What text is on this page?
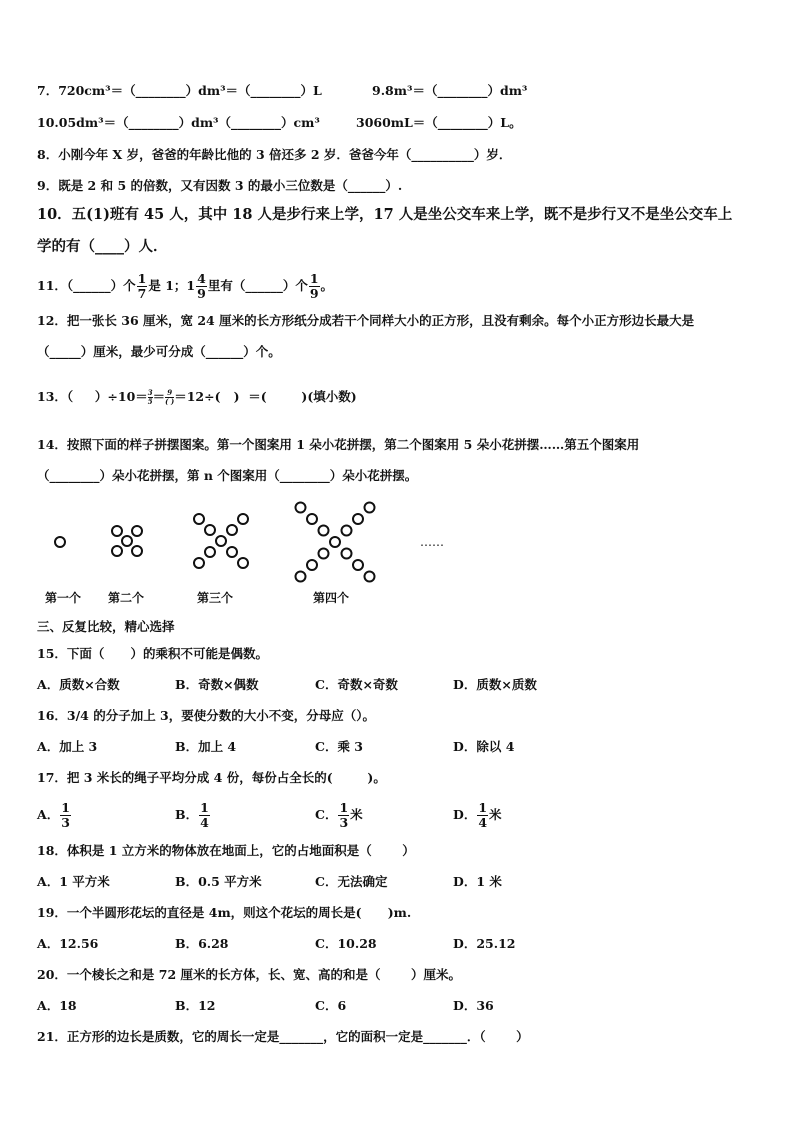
7．720cm³＝（________）dm³＝（________）L	9.8m³＝（________）dm³
10.05dm³＝（________）dm³（________）cm³	3060mL＝（________）L。
8．小刚今年 X 岁，爸爸的年龄比他的 3 倍还多 2 岁．爸爸今年（__________）岁．
9．既是 2 和 5 的倍数，又有因数 3 的最小三位数是（______）.
10．五(1)班有 45 人，其中 18 人是步行来上学，17 人是坐公交车来上学，既不是步行又不是坐公交车上
学的有（____）人．
11．（______）个 $\frac{1}{7}$ 是 1；$1 \frac{4}{9}$ 里有（______）个 $\frac{1}{9}$ 。
12．把一张长 36 厘米，宽 24 厘米的长方形纸分成若干个同样大小的正方形，且没有剩余。每个小正方形边长最大是
（_____）厘米，最少可分成（______）个。
13．（     ）$\div 10= \frac{3}{5}= 9$
( )＝12÷(   )  ＝(        )(填小数)
14．按照下面的样子拼摆图案。第一个图案用 1 朵小花拼摆，第二个图案用 5 朵小花拼摆……第五个图案用
（________）朵小花拼摆，第 n 个图案用（________）朵小花拼摆。
……
第一个 第二个	第三个	第四个
三、反复比较，精心选择
15．下面（      ）的乘积不可能是偶数。
A．质数×合数	B．奇数×偶数	C．奇数×奇数	D．质数×质数
16．3/4 的分子加上 3，要使分数的大小不变，分母应（）。
A．加上 3	B．加上 4	C．乘 3	D．除以 4
17．把 3 米长的绳子平均分成 4 份，每份占全长的(        )。
A． $\frac{1}{3}$	B． $\frac{1}{4}$	C． $\frac{1}{3}$ 米	D． $\frac{1}{4}$ 米
18．体积是 1 立方米的物体放在地面上，它的占地面积是（       ）
A．1 平方米	B．0.5 平方米	C．无法确定	D．1 米
19．一个半圆形花坛的直径是 4m，则这个花坛的周长是(      )m.
A．12.56	B．6.28	C．10.28	D．25.12
20．一个棱长之和是 72 厘米的长方体，长、宽、高的和是（       ）厘米。
A．18	B．12	C．6	D．36
21．正方形的边长是质数，它的周长一定是_______，它的面积一定是_______．（       ）
